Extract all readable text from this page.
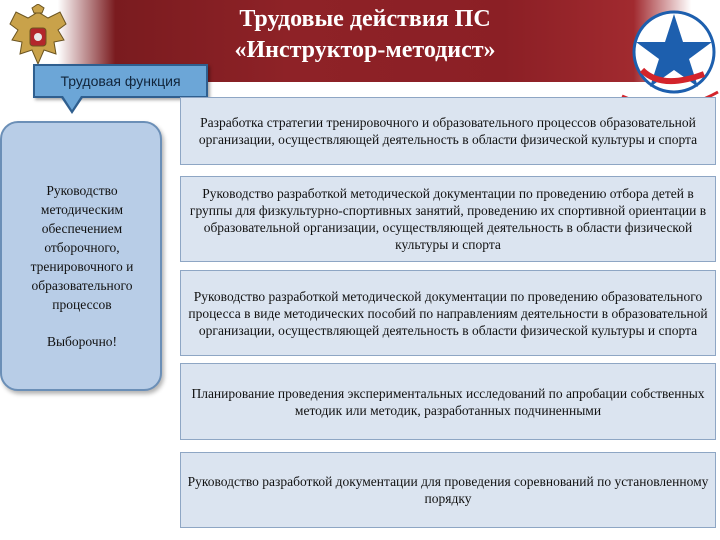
Трудовые действия ПС
«Инструктор-методист»
Трудовая функция
Руководство методическим обеспечением отборочного, тренировочного и образовательного процессов
Выборочно!
Разработка стратегии тренировочного и образовательного процессов образовательной организации, осуществляющей деятельность в области физической культуры и спорта
Руководство разработкой методической документации по проведению отбора детей в группы для физкультурно-спортивных занятий, проведению их спортивной ориентации в образовательной организации, осуществляющей деятельность в области физической культуры и спорта
Руководство разработкой методической документации по проведению образовательного процесса в виде методических пособий по направлениям деятельности в образовательной организации, осуществляющей деятельность в области физической культуры и спорта
Планирование проведения экспериментальных исследований по апробации собственных методик или методик, разработанных подчиненными
Руководство разработкой документации для проведения соревнований по установленному порядку
